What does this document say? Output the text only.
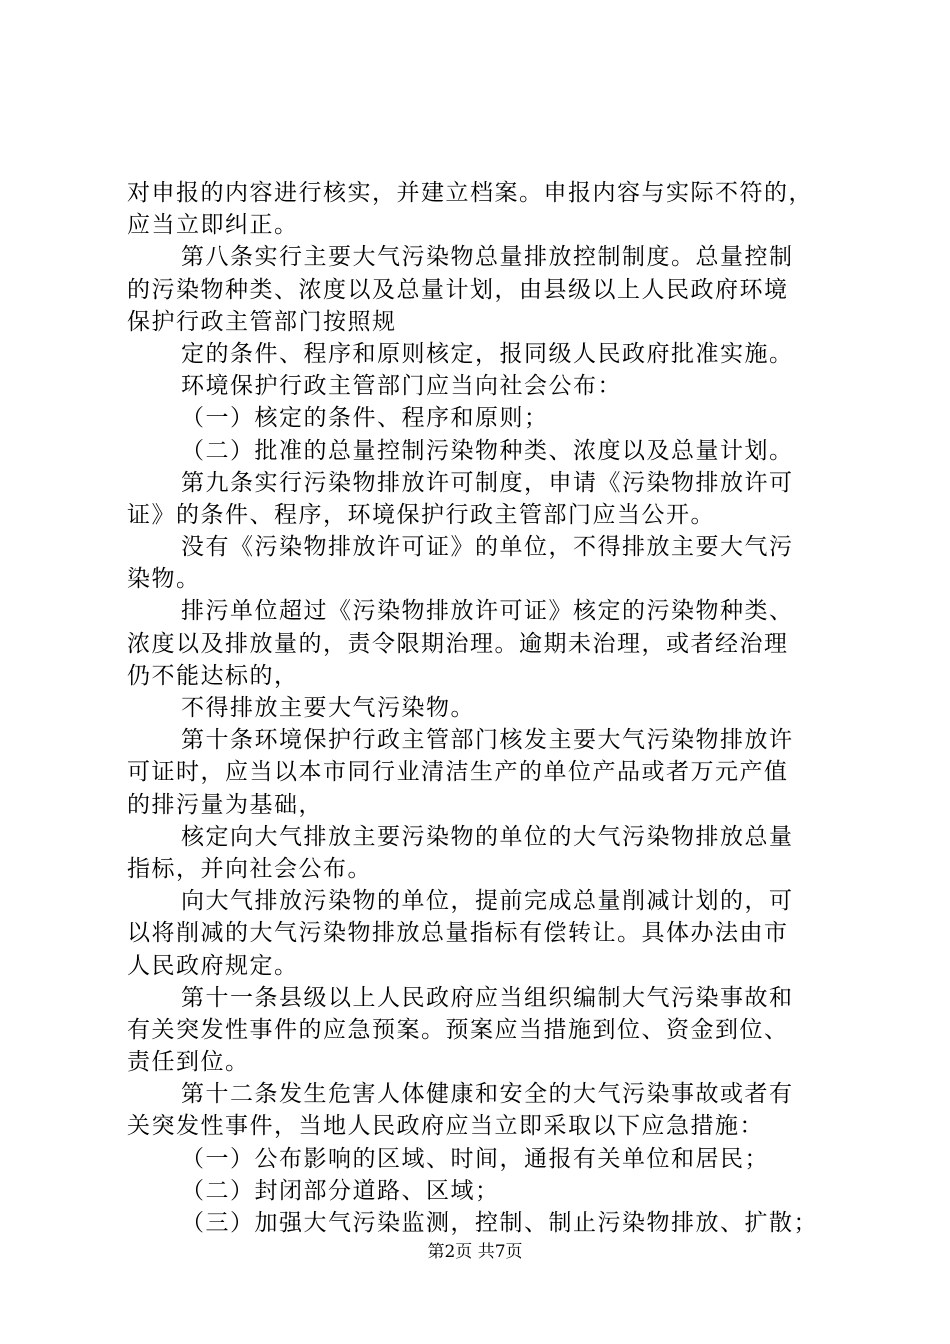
对申报的内容进行核实，并建立档案。申报内容与实际不符的，
应当立即纠正。
第八条实行主要大气污染物总量排放控制制度。总量控制
的污染物种类、浓度以及总量计划，由县级以上人民政府环境
保护行政主管部门按照规
定的条件、程序和原则核定，报同级人民政府批准实施。
环境保护行政主管部门应当向社会公布：
（一）核定的条件、程序和原则；
（二）批准的总量控制污染物种类、浓度以及总量计划。
第九条实行污染物排放许可制度，申请《污染物排放许可
证》的条件、程序，环境保护行政主管部门应当公开。
没有《污染物排放许可证》的单位，不得排放主要大气污
染物。
排污单位超过《污染物排放许可证》核定的污染物种类、
浓度以及排放量的，责令限期治理。逾期未治理，或者经治理
仍不能达标的，
不得排放主要大气污染物。
第十条环境保护行政主管部门核发主要大气污染物排放许
可证时，应当以本市同行业清洁生产的单位产品或者万元产值
的排污量为基础，
核定向大气排放主要污染物的单位的大气污染物排放总量
指标，并向社会公布。
向大气排放污染物的单位，提前完成总量削减计划的，可
以将削减的大气污染物排放总量指标有偿转让。具体办法由市
人民政府规定。
第十一条县级以上人民政府应当组织编制大气污染事故和
有关突发性事件的应急预案。预案应当措施到位、资金到位、
责任到位。
第十二条发生危害人体健康和安全的大气污染事故或者有
关突发性事件，当地人民政府应当立即采取以下应急措施：
（一）公布影响的区域、时间，通报有关单位和居民；
（二）封闭部分道路、区域；
（三）加强大气污染监测，控制、制止污染物排放、扩散；
第2页 共7页
